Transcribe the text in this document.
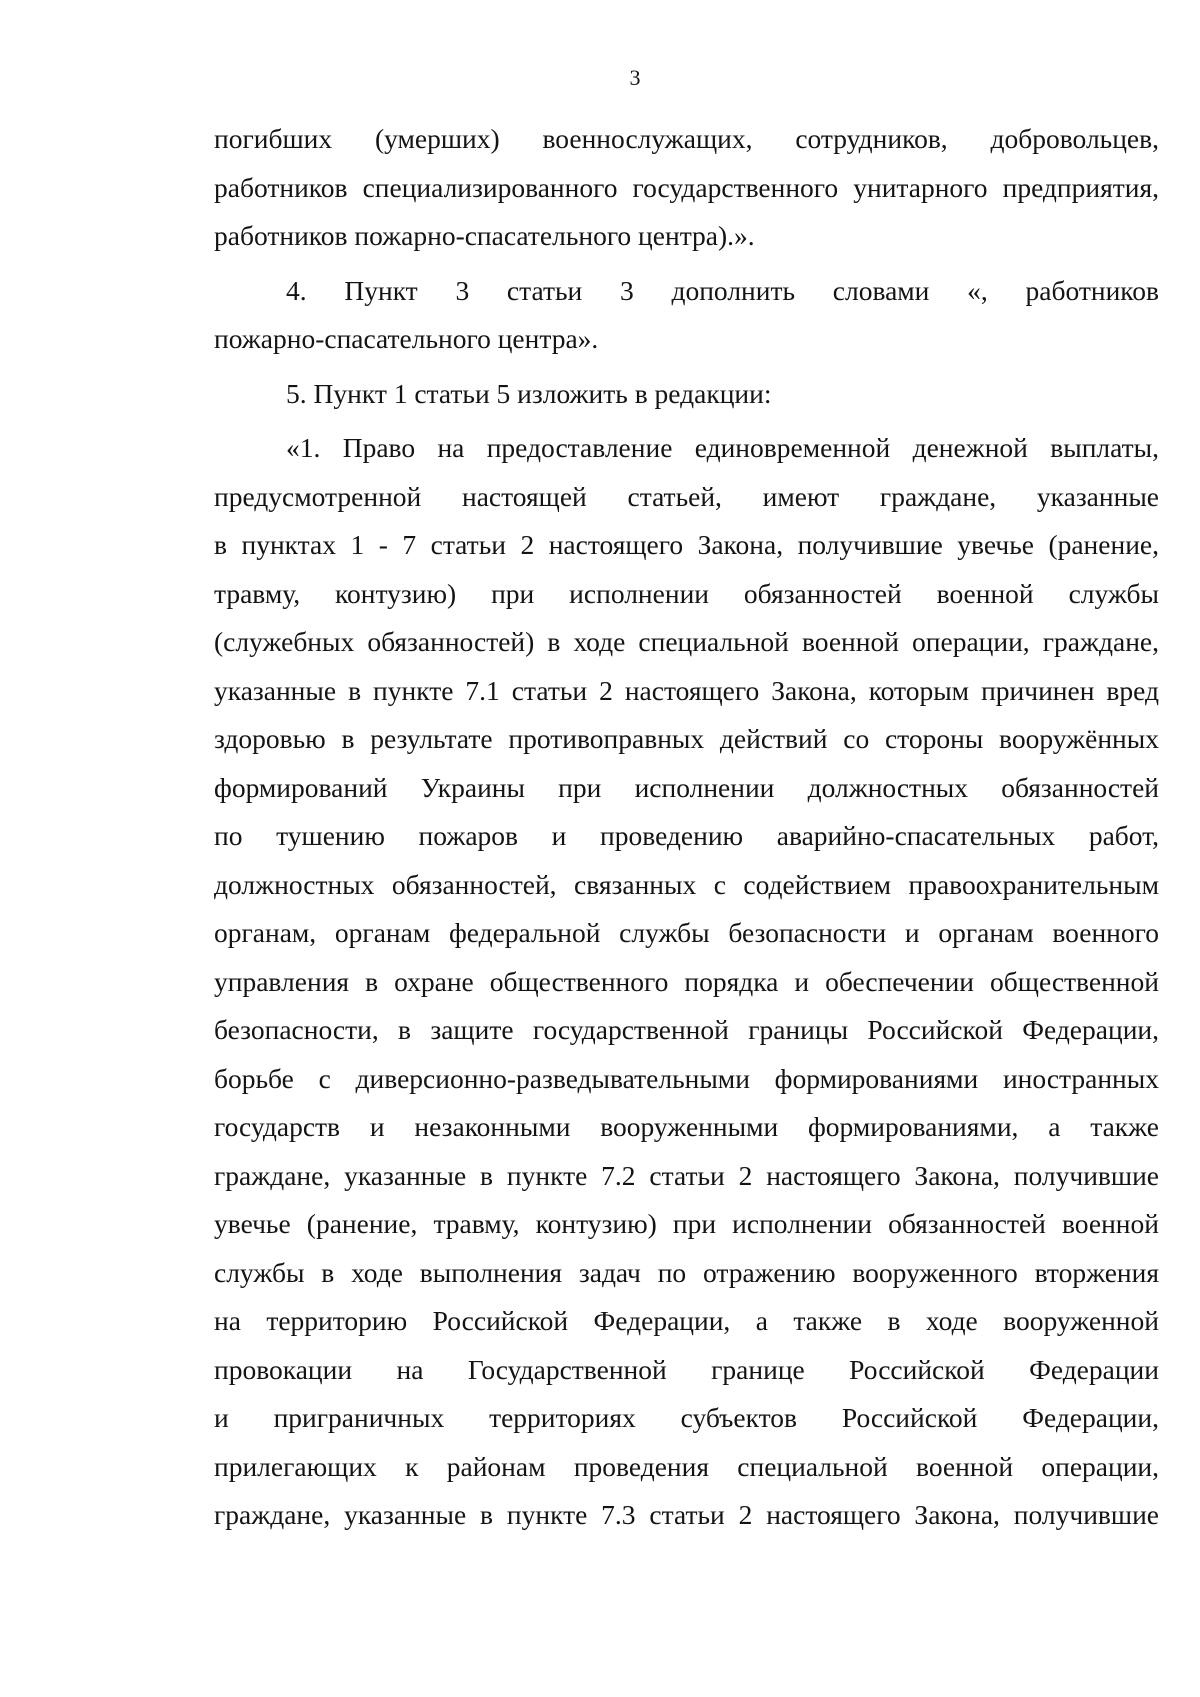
3
погибших (умерших) военнослужащих, сотрудников, добровольцев,
работников специализированного государственного унитарного предприятия,
работников пожарно-спасательного центра).».
4. Пункт 3 статьи 3 дополнить словами «, работников
пожарно-спасательного центра».
5. Пункт 1 статьи 5 изложить в редакции:
«1. Право на предоставление единовременной денежной выплаты,
предусмотренной настоящей статьей, имеют граждане, указанные
в пунктах 1 - 7 статьи 2 настоящего Закона, получившие увечье (ранение,
травму, контузию) при исполнении обязанностей военной службы
(служебных обязанностей) в ходе специальной военной операции, граждане,
указанные в пункте 7.1 статьи 2 настоящего Закона, которым причинен вред
здоровью в результате противоправных действий со стороны вооружённых
формирований Украины при исполнении должностных обязанностей
по тушению пожаров и проведению аварийно-спасательных работ,
должностных обязанностей, связанных с содействием правоохранительным
органам, органам федеральной службы безопасности и органам военного
управления в охране общественного порядка и обеспечении общественной
безопасности, в защите государственной границы Российской Федерации,
борьбе с диверсионно-разведывательными формированиями иностранных
государств и незаконными вооруженными формированиями, а также
граждане, указанные в пункте 7.2 статьи 2 настоящего Закона, получившие
увечье (ранение, травму, контузию) при исполнении обязанностей военной
службы в ходе выполнения задач по отражению вооруженного вторжения
на территорию Российской Федерации, а также в ходе вооруженной
провокации на Государственной границе Российской Федерации
и приграничных территориях субъектов Российской Федерации,
прилегающих к районам проведения специальной военной операции,
граждане, указанные в пункте 7.3 статьи 2 настоящего Закона, получившие
